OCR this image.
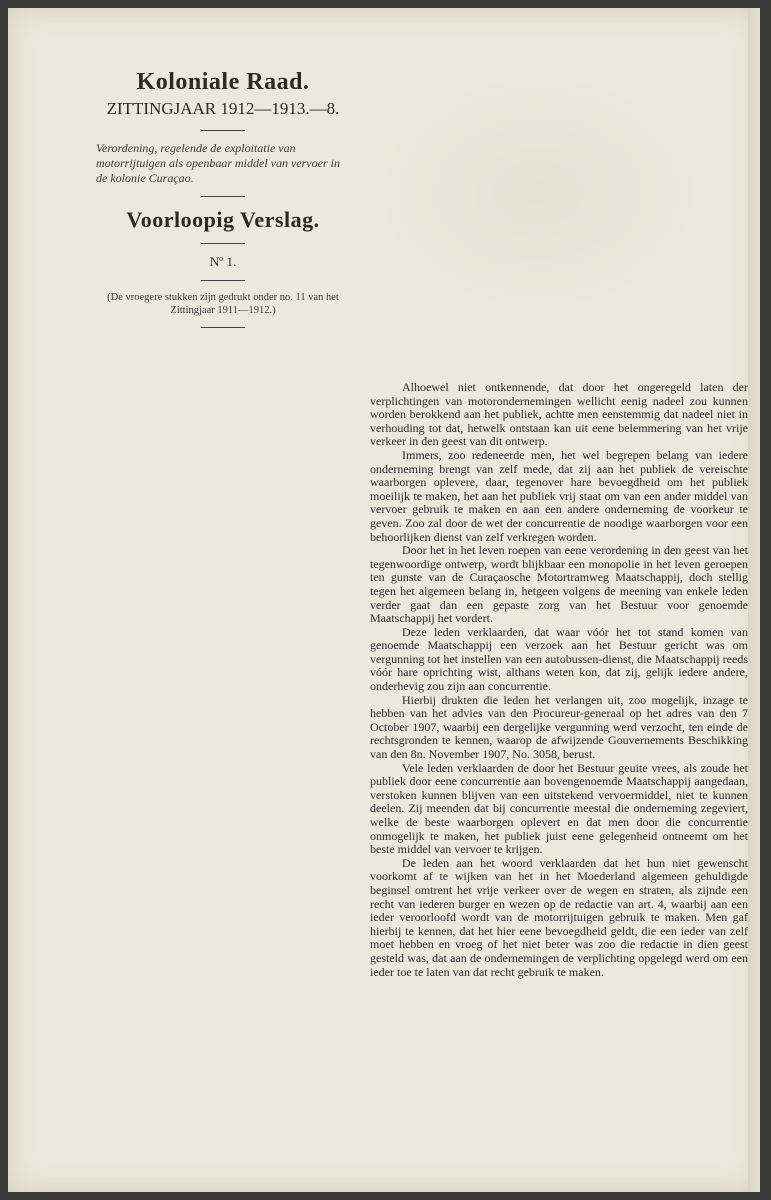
Koloniale Raad.

ZITTINGJAAR 1912—1913.—8.

Verordening, regelende de exploitatie van motorrijtuigen als openbaar middel van vervoer in de kolonie Curaçao.

Voorloopig Verslag.

Nº 1.

(De vroegere stukken zijn gedrukt onder no. 11 van het Zittingjaar 1911—1912.)

Alhoewel niet ontkennende, dat door het ongeregeld laten der verplichtingen van motorondernemingen wellicht eenig nadeel zou kunnen worden berokkend aan het publiek, achtte men eenstemmig dat nadeel niet in verhouding tot dat, hetwelk ontstaan kan uit eene belemmering van het vrije verkeer in den geest van dit ontwerp.

Immers, zoo redeneerde men, het wel begrepen belang van iedere onderneming brengt van zelf mede, dat zij aan het publiek de vereischte waarborgen oplevere, daar, tegenover hare bevoegdheid om het publiek moeilijk te maken, het aan het publiek vrij staat om van een ander middel van vervoer gebruik te maken en aan een andere onderneming de voorkeur te geven. Zoo zal door de wet der concurrentie de noodige waarborgen voor een behoorlijken dienst van zelf verkregen worden.

Door het in het leven roepen van eene verordening in den geest van het tegenwoordige ontwerp, wordt blijkbaar een monopolie in het leven geroepen ten gunste van de Curaçaosche Motortramweg Maatschappij, doch stellig tegen het algemeen belang in, hetgeen volgens de meening van enkele leden verder gaat dan een gepaste zorg van het Bestuur voor genoemde Maatschappij het vordert.

Deze leden verklaarden, dat waar vóór het tot stand komen van genoemde Maatschappij een verzoek aan het Bestuur gericht was om vergunning tot het instellen van een autobussen-dienst, die Maatschappij reeds vóór hare oprichting wist, althans weten kon, dat zij, gelijk iedere andere, onderhevig zou zijn aan concurrentie.

Hierbij drukten die leden het verlangen uit, zoo mogelijk, inzage te hebben van het advies van den Procureur-generaal op het adres van den 7 October 1907, waarbij een dergelijke vergunning werd verzocht, ten einde de rechtsgronden te kennen, waarop de afwijzende Gouvernements Beschikking van den 8n. November 1907, No. 3058, berust.

Vele leden verklaarden de door het Bestuur geuite vrees, als zoude het publiek door eene concurrentie aan bovengenoemde Maatschappij aangedaan, verstoken kunnen blijven van een uitstekend vervoermiddel, niet te kunnen deelen. Zij meenden dat bij concurrentie meestal die onderneming zegeviert, welke de beste waarborgen oplevert en dat men door die concurrentie onmogelijk te maken, het publiek juist eene gelegenheid ontneemt om het beste middel van vervoer te krijgen.

De leden aan het woord verklaarden dat het hun niet gewenscht voorkomt af te wijken van het in het Moederland algemeen gehuldigde beginsel omtrent het vrije verkeer over de wegen en straten, als zijnde een recht van iederen burger en wezen op de redactie van art. 4, waarbij aan een ieder veroorloofd wordt van de motorrijtuigen gebruik te maken. Men gaf hierbij te kennen, dat het hier eene bevoegdheid geldt, die een ieder van zelf moet hebben en vroeg of het niet beter was zoo die redactie in dien geest gesteld was, dat aan de ondernemingen de verplichting opgelegd werd om een ieder toe te laten van dat recht gebruik te maken.
